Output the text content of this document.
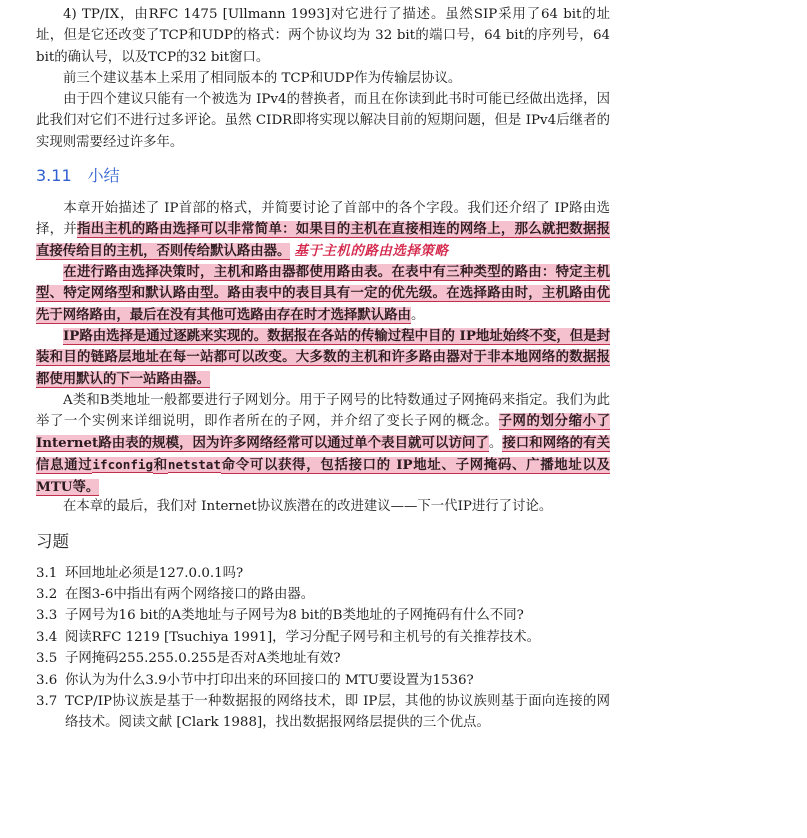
4) TP/IX，由RFC 1475 [Ullmann 1993]对它进行了描述。虽然SIP采用了64 bit的址址，但是它还改变了TCP和UDP的格式：两个协议均为 32 bit的端口号，64 bit的序列号，64 bit的确认号，以及TCP的32 bit窗口。
前三个建议基本上采用了相同版本的 TCP和UDP作为传输层协议。
由于四个建议只能有一个被选为 IPv4的替换者，而且在你读到此书时可能已经做出选择，因此我们对它们不进行过多评论。虽然 CIDR即将实现以解决目前的短期问题，但是 IPv4后继者的实现则需要经过许多年。
3.11 小结
本章开始描述了 IP首部的格式，并简要讨论了首部中的各个字段。我们还介绍了 IP路由选择，并指出主机的路由选择可以非常简单：如果目的主机在直接相连的网络上，那么就把数据报直接传给目的主机，否则传给默认路由器。 基于主机的路由选择策略
在进行路由选择决策时，主机和路由器都使用路由表。在表中有三种类型的路由：特定主机型、特定网络型和默认路由型。路由表中的表目具有一定的优先级。在选择路由时，主机路由优先于网络路由，最后在没有其他可选路由存在时才选择默认路由。
IP路由选择是通过逐跳来实现的。数据报在各站的传输过程中目的 IP地址始终不变，但是封装和目的链路层地址在每一站都可以改变。大多数的主机和许多路由器对于非本地网络的数据报都使用默认的下一站路由器。
A类和B类地址一般都要进行子网划分。用于子网号的比特数通过子网掩码来指定。我们为此举了一个实例来详细说明，即作者所在的子网，并介绍了变长子网的概念。子网的划分缩小了 Internet路由表的规模，因为许多网络经常可以通过单个表目就可以访问了。接口和网络的有关信息通过ifconfig和netstat命令可以获得，包括接口的 IP地址、子网掩码、广播地址以及 MTU等。
在本章的最后，我们对 Internet协议族潜在的改进建议——下一代IP进行了讨论。
习题
3.1 环回地址必须是127.0.0.1吗?
3.2 在图3-6中指出有两个网络接口的路由器。
3.3 子网号为16 bit的A类地址与子网号为8 bit的B类地址的子网掩码有什么不同?
3.4 阅读RFC 1219 [Tsuchiya 1991]，学习分配子网号和主机号的有关推荐技术。
3.5 子网掩码255.255.0.255是否对A类地址有效?
3.6 你认为为什么3.9小节中打印出来的环回接口的 MTU要设置为1536?
3.7 TCP/IP协议族是基于一种数据报的网络技术，即 IP层，其他的协议族则基于面向连接的网络技术。阅读文献 [Clark 1988]，找出数据报网络层提供的三个优点。
